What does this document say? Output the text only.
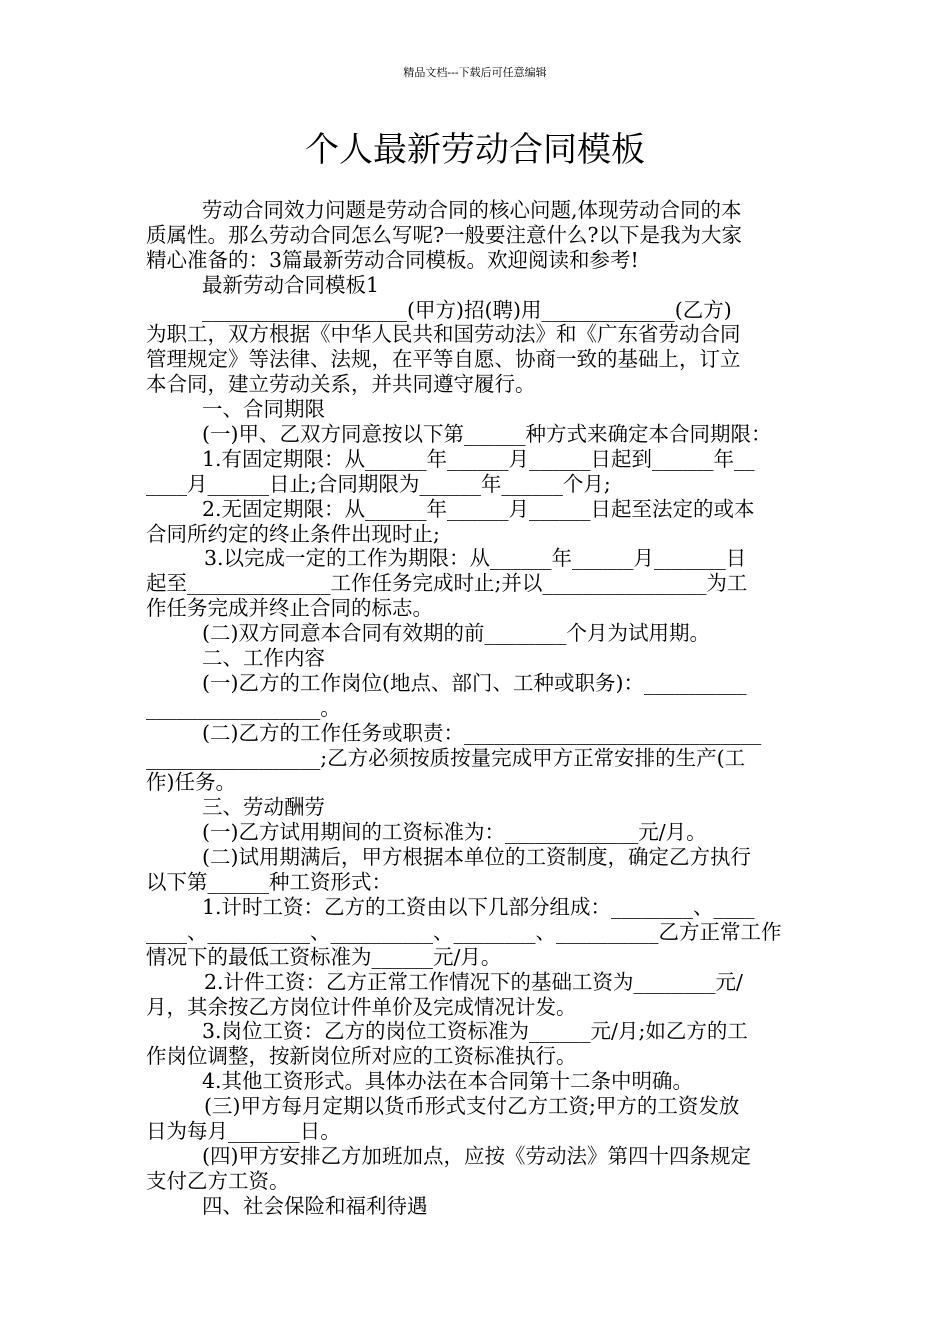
精品文档---下载后可任意编辑
个人最新劳动合同模板
劳动合同效力问题是劳动合同的核心问题,体现劳动合同的本
质属性。那么劳动合同怎么写呢?一般要注意什么?以下是我为大家
精心准备的：3篇最新劳动合同模板。欢迎阅读和参考!
最新劳动合同模板1
____________________(甲方)招(聘)用_____________(乙方)
为职工，双方根据《中华人民共和国劳动法》和《广东省劳动合同
管理规定》等法律、法规，在平等自愿、协商一致的基础上，订立
本合同，建立劳动关系，并共同遵守履行。
一、合同期限
(一)甲、乙双方同意按以下第______种方式来确定本合同期限：
1.有固定期限：从______年______月______日起到______年__
____月______日止;合同期限为______年______个月;
2.无固定期限：从______年______月______日起至法定的或本
合同所约定的终止条件出现时止;
3.以完成一定的工作为期限：从______年______月_______日
起至______________工作任务完成时止;并以________________为工
作任务完成并终止合同的标志。
(二)双方同意本合同有效期的前________个月为试用期。
二、工作内容
(一)乙方的工作岗位(地点、部门、工种或职务)：__________
_________________。
(二)乙方的工作任务或职责：_____________________________
_________________;乙方必须按质按量完成甲方正常安排的生产(工
作)任务。
三、劳动酬劳
(一)乙方试用期间的工资标准为：_____________元/月。
(二)试用期满后，甲方根据本单位的工资制度，确定乙方执行
以下第______种工资形式：
1.计时工资：乙方的工资由以下几部分组成：________、____
____、__________、__________、________、__________乙方正常工作
情况下的最低工资标准为______元/月。
2.计件工资：乙方正常工作情况下的基础工资为________元/
月，其余按乙方岗位计件单价及完成情况计发。
3.岗位工资：乙方的岗位工资标准为______元/月;如乙方的工
作岗位调整，按新岗位所对应的工资标准执行。
4.其他工资形式。具体办法在本合同第十二条中明确。
(三)甲方每月定期以货币形式支付乙方工资;甲方的工资发放
日为每月_______日。
(四)甲方安排乙方加班加点，应按《劳动法》第四十四条规定
支付乙方工资。
四、社会保险和福利待遇
